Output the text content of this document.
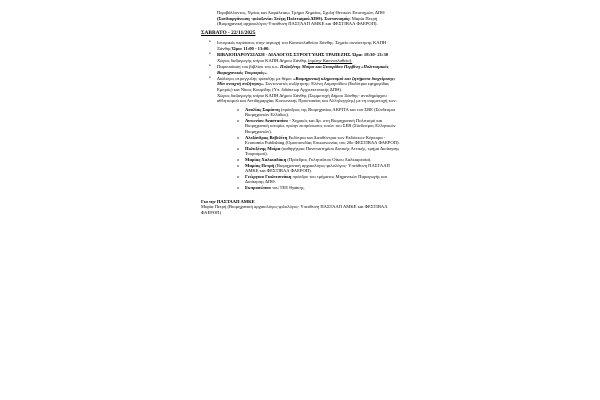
Περιβάλλοντος, Υγείας και Ασφάλειας» Τμήμα Χημείας, Σχολή Θετικών Επιστημών, ΔΠΘ (Συνδιοργάνωση -φιλοξενία: Στέγη Πολιτισμού ΔΠΘ). Συντονισμός: Μαρία Πετρή (Βιομηχανική αρχαιολόγος-Υπεύθυνη ΠΑΣΤΑΑΠ ΑΜΚΕ και ΦΕΣΤΙΒΑΛ ΦΑΕΡΟΠ).

ΣΑΒΒΑΤΟ - 22/11/2025

• Ιστορικός περίπατος στην περιοχή του Καπνοπλαθείου Ξάνθης. Σημείο συνάντησης ΚΑΠΗ Ξάνθης Ώρα: 11:00 - 13:00.
• ΒΙΒΛΙΟΠΑΡΟΥΣΙΑΣΗ - ΔΙΑΛΟΓΟΣ ΣΤΡΟΓΓΥΛΗΣ ΤΡΑΠΕΖΗΣ. Ώρα: 18:30- 21:30 Χώρος διεξαγωγής κτίριο ΚΑΠΗ Δήμου Ξάνθης (πρώην Καπνοπλαθείο).
• Παρουσίαση του βιβλίου του κ.κ. Πολυξένης Μοίρα και Σταυρίδου Περβίνη «Πολιτισμικός Βιομηχανικός Τουρισμός».
• Διάλογος στρογγυλής τραπέζης με θέμα: «Βιομηχανική κληρονομιά και ζητήματα διαχείρισης: Μία ανοιχτή συζήτηση». Συντονιστές συζήτησης: Ελένη Λαμπροΐδου (Εκδότρια εφημερίδας Εμπρός) και Νίκος Κοσμίδης (Υπ. διδάκτωρ Αρχιτεκτονικής ΔΠΘ).
Χώρος διεξαγωγής κτίριο ΚΑΠΗ Δήμου Ξάνθης (Συμμετοχή Δήμου Ξάνθης- αντιδημάρχου αθλητισμού και Αντιδημαρχίας Κοινωνικής Προστασίας και Αλληλεγγύης) με τη συμμετοχή των:
o Αουλίας Σαράντη (πρόεδρος της Βιομηχανίας ΑΚΡΙΤΑ και του ΣΒΕ (Σύνδεσμοι Βιομηχανιών Ελλάδος).
o Αντωνίου Αναστασίου - Χημικός και Δρ. στη Βιομηχανική Πολιτισμό και Βιομηχανική ιστορία, πρώην εκπρόσωπος τοιών του ΣΕΒ (Σύνδεσμος Ελληνικών Βιομηχανιών).
o Αλεξάνδρας Βεβελίτη Εκδότρια και Διευθύντρια των Εκδόσεων Κέρκυρα - Economia Publishing (Ομοσπονδίας Επικοινωνίας του 20ο ΦΕΣΤΙΒΑΛ ΦΑΕΡΟΠ).
o Πολυξένης Μοίρα (καθηγήτρια Πανεπιστημίου Δυτικής Αττικής, τμήμα Διοίκησης Τουρισμού).
o Μαρίας Χαλκιαδάκη (Πρόεδρος Γκλητσάτου Οίκου Λαλκιαρεσία).
o Μαρίας Πετρή (Βιομηχανική αρχαιολόγος-φιλολόγος- Υπεύθυνη ΠΑΣΤΑΑΠ ΑΜΚΕ και ΦΕΣΤΙΒΑΛ ΦΑΕΡΟΠ).
o Γεώργιου Γιαλιτσινάκη πρόεδρο του τμήματος Μηχανικών Παραγωγής και Διοίκησης ΔΠΘ.
o Εκπροσώπου του ΤΕΕ Θράκης.

Για την ΠΑΣΤΑΑΠ ΑΜΚΕ

Μαρία Πετρή (Βιομηχανική αρχαιολόγος-φιλολόγος- Υπεύθυνη ΠΑΣΤΑΑΠ ΑΜΚΕ και ΦΕΣΤΙΒΑΛ ΦΑΕΡΟΠ)
